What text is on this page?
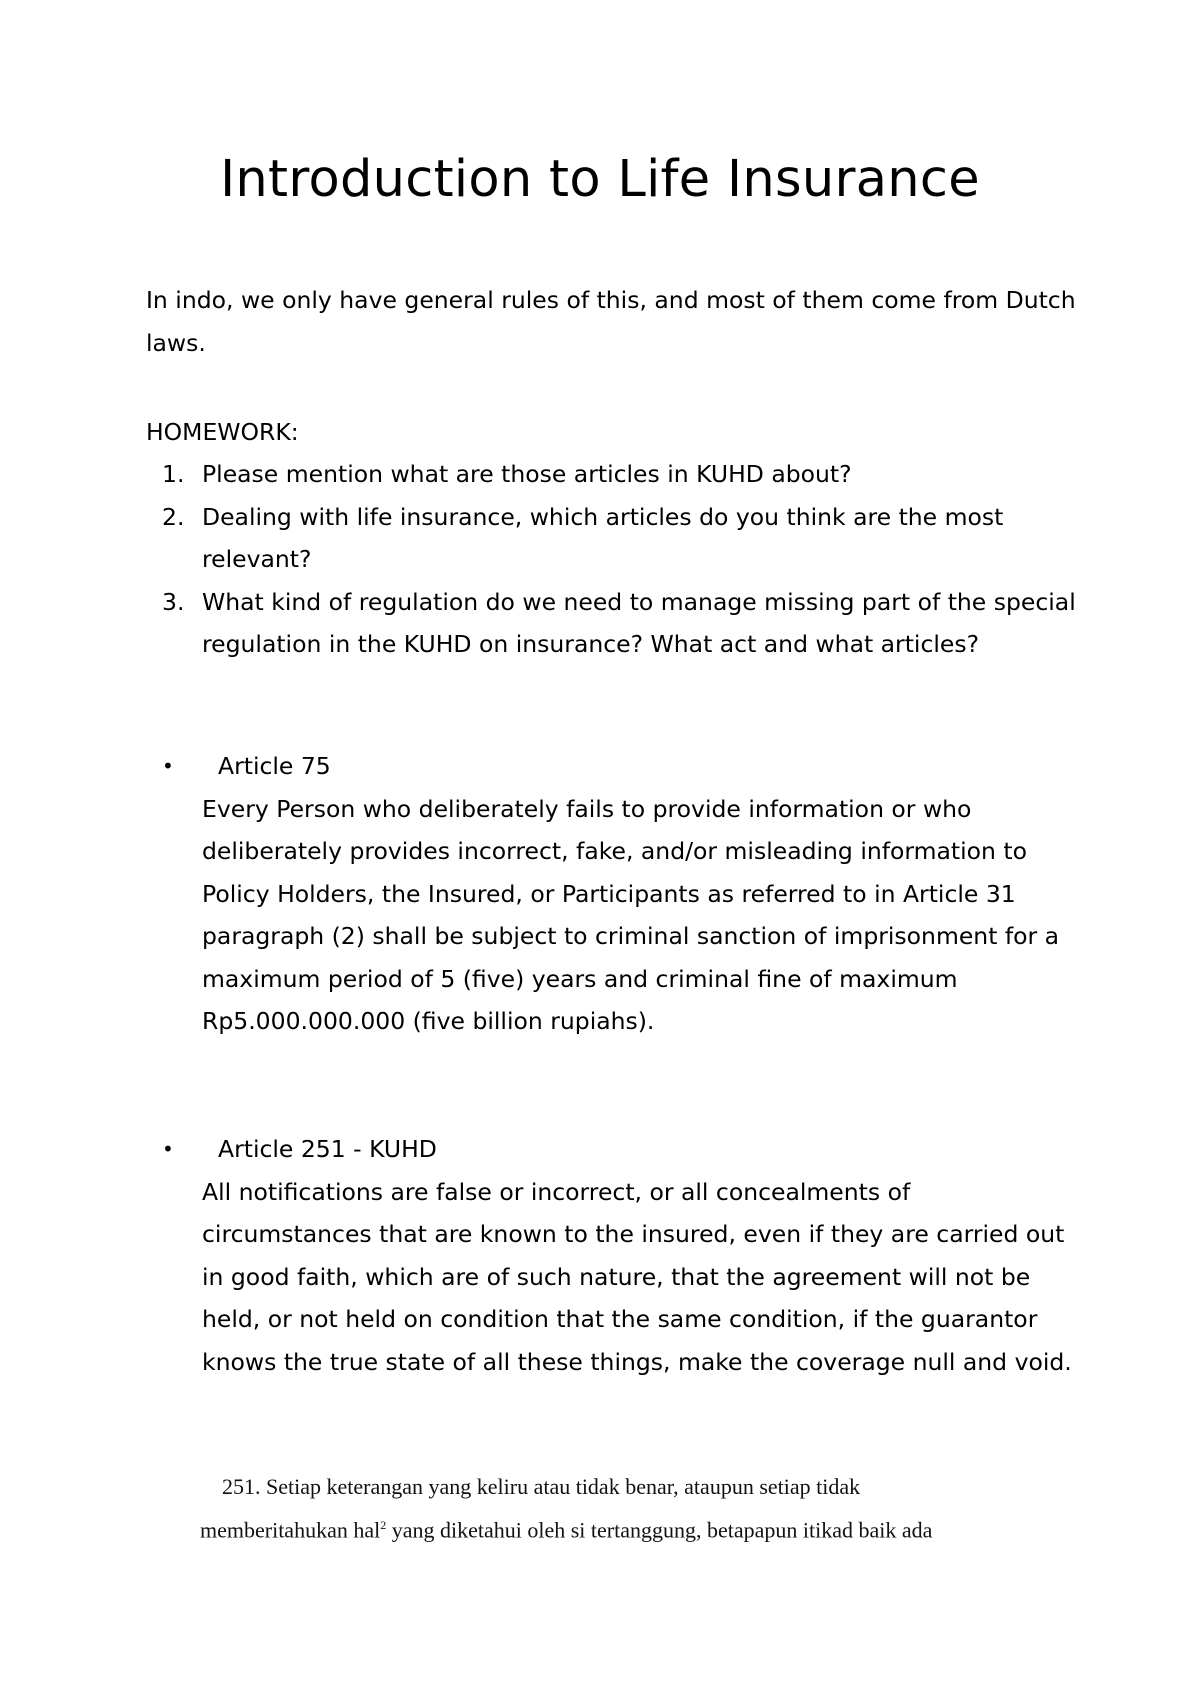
Introduction to Life Insurance

In indo, we only have general rules of this, and most of them come from Dutch laws.

HOMEWORK:

1. Please mention what are those articles in KUHD about?
2. Dealing with life insurance, which articles do you think are the most relevant?
3. What kind of regulation do we need to manage missing part of the special regulation in the KUHD on insurance? What act and what articles?
•	Article 75
Every Person who deliberately fails to provide information or who deliberately provides incorrect, fake, and/or misleading information to Policy Holders, the Insured, or Participants as referred to in Article 31 paragraph (2) shall be subject to criminal sanction of imprisonment for a maximum period of 5 (five) years and criminal fine of maximum Rp5.000.000.000 (five billion rupiahs).
•	Article 251 - KUHD
All notifications are false or incorrect, or all concealments of circumstances that are known to the insured, even if they are carried out in good faith, which are of such nature, that the agreement will not be held, or not held on condition that the same condition, if the guarantor knows the true state of all these things, make the coverage null and void.
251. Setiap keterangan yang keliru atau tidak benar, ataupun setiap tidak
memberitahukan hal$^2$ yang diketahui oleh si tertanggung, betapapun itikad baik ada
